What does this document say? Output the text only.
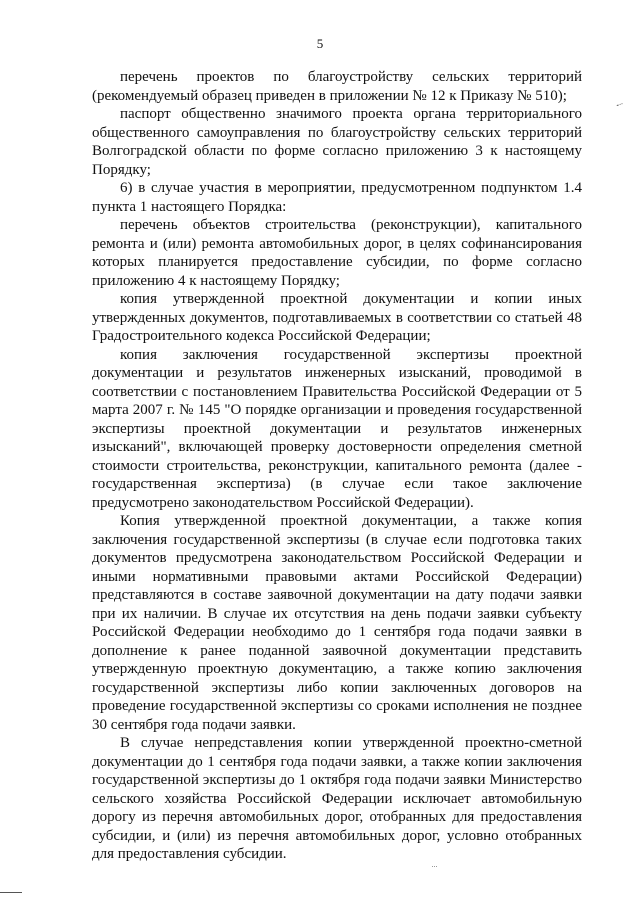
5

перечень проектов по благоустройству сельских территорий (рекомендуемый образец приведен в приложении № 12 к Приказу № 510);

паспорт общественно значимого проекта органа территориального общественного самоуправления по благоустройству сельских территорий Волгоградской области по форме согласно приложению 3 к настоящему Порядку;

6) в случае участия в мероприятии, предусмотренном подпунктом 1.4 пункта 1 настоящего Порядка:

перечень объектов строительства (реконструкции), капитального ремонта и (или) ремонта автомобильных дорог, в целях софинансирования которых планируется предоставление субсидии, по форме согласно приложению 4 к настоящему Порядку;

копия утвержденной проектной документации и копии иных утвержденных документов, подготавливаемых в соответствии со статьей 48 Градостроительного кодекса Российской Федерации;

копия заключения государственной экспертизы проектной документации и результатов инженерных изысканий, проводимой в соответствии с постановлением Правительства Российской Федерации от 5 марта 2007 г. № 145 "О порядке организации и проведения государственной экспертизы проектной документации и результатов инженерных изысканий", включающей проверку достоверности определения сметной стоимости строительства, реконструкции, капитального ремонта (далее - государственная экспертиза) (в случае если такое заключение предусмотрено законодательством Российской Федерации).

Копия утвержденной проектной документации, а также копия заключения государственной экспертизы (в случае если подготовка таких документов предусмотрена законодательством Российской Федерации и иными нормативными правовыми актами Российской Федерации) представляются в составе заявочной документации на дату подачи заявки при их наличии. В случае их отсутствия на день подачи заявки субъекту Российской Федерации необходимо до 1 сентября года подачи заявки в дополнение к ранее поданной заявочной документации представить утвержденную проектную документацию, а также копию заключения государственной экспертизы либо копии заключенных договоров на проведение государственной экспертизы со сроками исполнения не позднее 30 сентября года подачи заявки.

В случае непредставления копии утвержденной проектно-сметной документации до 1 сентября года подачи заявки, а также копии заключения государственной экспертизы до 1 октября года подачи заявки Министерство сельского хозяйства Российской Федерации исключает автомобильную дорогу из перечня автомобильных дорог, отобранных для предоставления субсидии, и (или) из перечня автомобильных дорог, условно отобранных для предоставления субсидии.
